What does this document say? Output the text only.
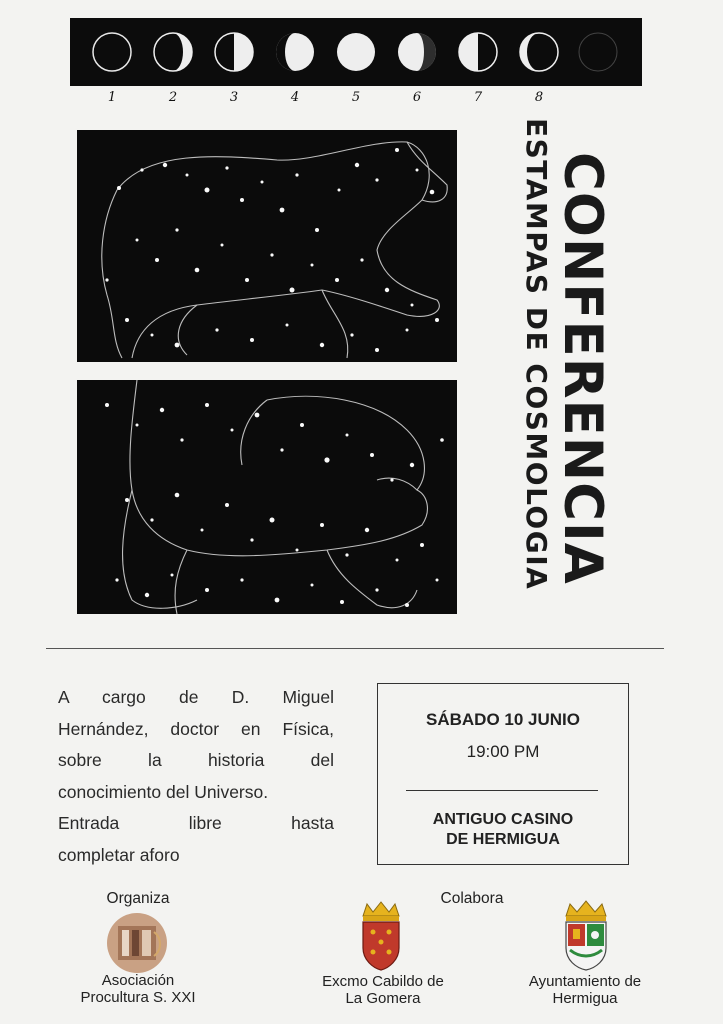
1	2	3	4	5	6	7	8
CONFERENCIA
ESTAMPAS DE COSMOLOGIA
A cargo de D. Miguel
Hernández, doctor en Física,
sobre la historia del
conocimiento del Universo.
Entrada libre hasta
completar aforo
SÁBADO 10 JUNIO
19:00 PM
ANTIGUO CASINO
DE HERMIGUA
Organiza
Asociación
Procultura S. XXI
Colabora
Excmo Cabildo de
La Gomera
Ayuntamiento de
Hermigua
